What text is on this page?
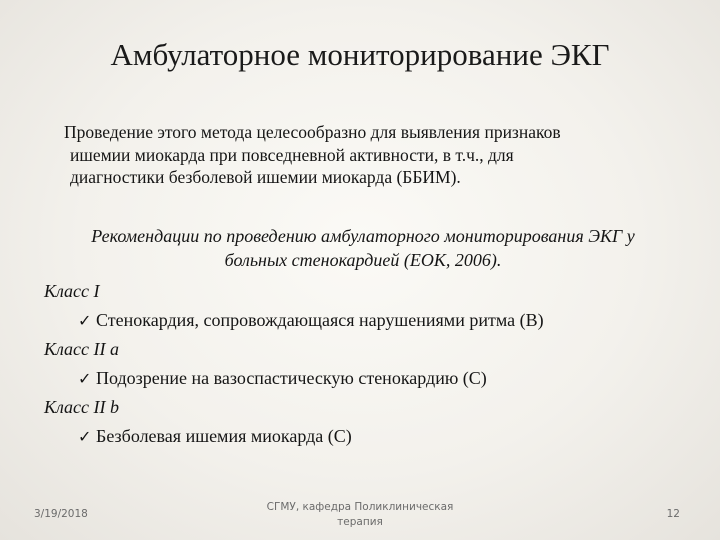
Амбулаторное мониторирование ЭКГ
Проведение этого метода целесообразно для выявления признаков
ишемии миокарда при повседневной активности, в т.ч., для
диагностики безболевой ишемии миокарда (ББИМ).
Рекомендации по проведению амбулаторного мониторирования ЭКГ у
больных стенокардией (ЕОК, 2006).
Класс I
✓ Стенокардия, сопровождающаяся нарушениями ритма (В)
Класс II a
✓ Подозрение на вазоспастическую стенокардию (С)
Класс II b
✓ Безболевая ишемия миокарда (С)
3/19/2018
СГМУ, кафедра Поликлиническая
терапия
12
